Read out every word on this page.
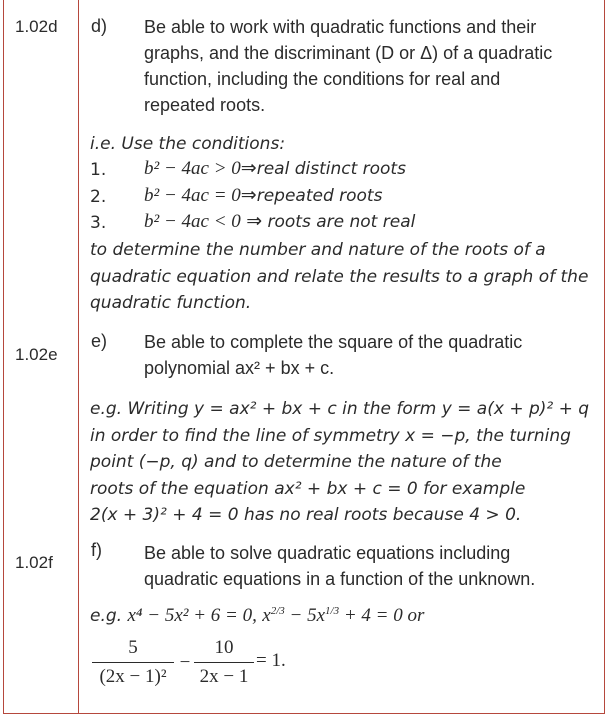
1.02d d) Be able to work with quadratic functions and their
graphs, and the discriminant (D or Δ) of a quadratic
function, including the conditions for real and
repeated roots.
i.e. Use the conditions:
1. b² − 4ac > 0⇒real distinct roots
2. b² − 4ac = 0⇒repeated roots
3. b² − 4ac < 0 ⇒ roots are not real
to determine the number and nature of the roots of a
quadratic equation and relate the results to a graph of the
quadratic function.
1.02e
e) Be able to complete the square of the quadratic
polynomial ax² + bx + c.
e.g. Writing y = ax² + bx + c in the form y = a(x + p)² + q
in order to find the line of symmetry x = −p, the turning
point (−p, q) and to determine the nature of the
roots of the equation ax² + bx + c = 0 for example
2(x + 3)² + 4 = 0 has no real roots because 4 > 0.
1.02f
f) Be able to solve quadratic equations including
quadratic equations in a function of the unknown.
e.g. x⁴ − 5x² + 6 = 0, $x^{2/3} - 5x^{1/3} + 4 = 0$ or
5
(2x − 1)²
−
10
2x − 1
= 1.
